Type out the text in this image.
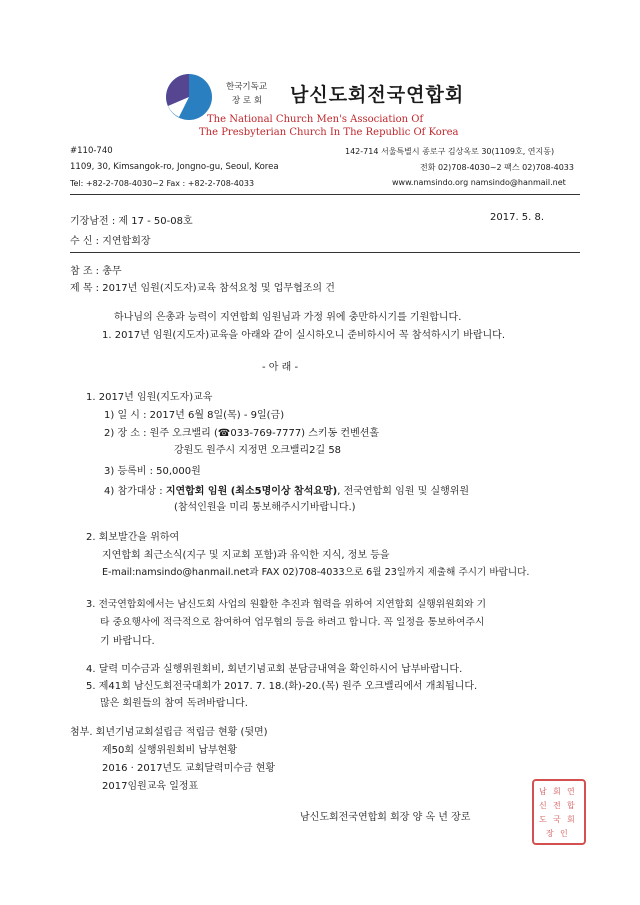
한국기독교
장 로 회 남신도회전국연합회
The National Church Men's Association Of
The Presbyterian Church In The Republic Of Korea
#110-740
1109, 30, Kimsangok-ro, Jongno-gu, Seoul, Korea
Tel: +82-2-708-4030~2 Fax : +82-2-708-4033
142-714 서울특별시 종로구 김상옥로 30(1109호, 연지동)
전화 02)708-4030~2 팩스 02)708-4033
www.namsindo.org namsindo@hanmail.net
기장남전 : 제 17 - 50-08호	2017. 5. 8.
수 신 : 지연합회장
참 조 : 총무
제 목 : 2017년 임원(지도자)교육 참석요청 및 업무협조의 건
하나님의 은총과 능력이 지연합회 임원님과 가정 위에 충만하시기를 기원합니다.
1. 2017년 임원(지도자)교육을 아래와 같이 실시하오니 준비하시어 꼭 참석하시기 바랍니다.
- 아 래 -
1. 2017년 임원(지도자)교육
1) 일 시 : 2017년 6월 8일(목) - 9일(금)
2) 장 소 : 원주 오크밸리 (☎033-769-7777) 스키동 컨벤션홀
강원도 원주시 지정면 오크밸리2길 58
3) 등록비 : 50,000원
4) 참가대상 : 지연합회 임원 (최소5명이상 참석요망), 전국연합회 임원 및 실행위원
(참석인원을 미리 통보해주시기바랍니다.)
2. 회보발간을 위하여
지연합회 최근소식(지구 및 지교회 포함)과 유익한 지식, 정보 등을
E-mail:namsindo@hanmail.net과 FAX 02)708-4033으로 6월 23일까지 제출해 주시기 바랍니다.
3. 전국연합회에서는 남신도회 사업의 원활한 추진과 협력을 위하여 지연합회 실행위원회와 기
타 중요행사에 적극적으로 참여하여 업무협의 등을 하려고 합니다. 꼭 일정을 통보하여주시
기 바랍니다.
4. 달력 미수금과 실행위원회비, 회년기념교회 분담금내역을 확인하시어 납부바랍니다.
5. 제41회 남신도회전국대회가 2017. 7. 18.(화)-20.(목) 원주 오크밸리에서 개최됩니다.
많은 회원들의 참여 독려바랍니다.
첨부. 회년기념교회설립금 적립금 현황 (뒷면)
제50회 실행위원회비 납부현황
2016 · 2017년도 교회달력미수금 현황
2017임원교육 일정표
남신도회전국연합회 회장 양 옥 년 장로
남
신
도
회
전
국
연
합
회
장 인
